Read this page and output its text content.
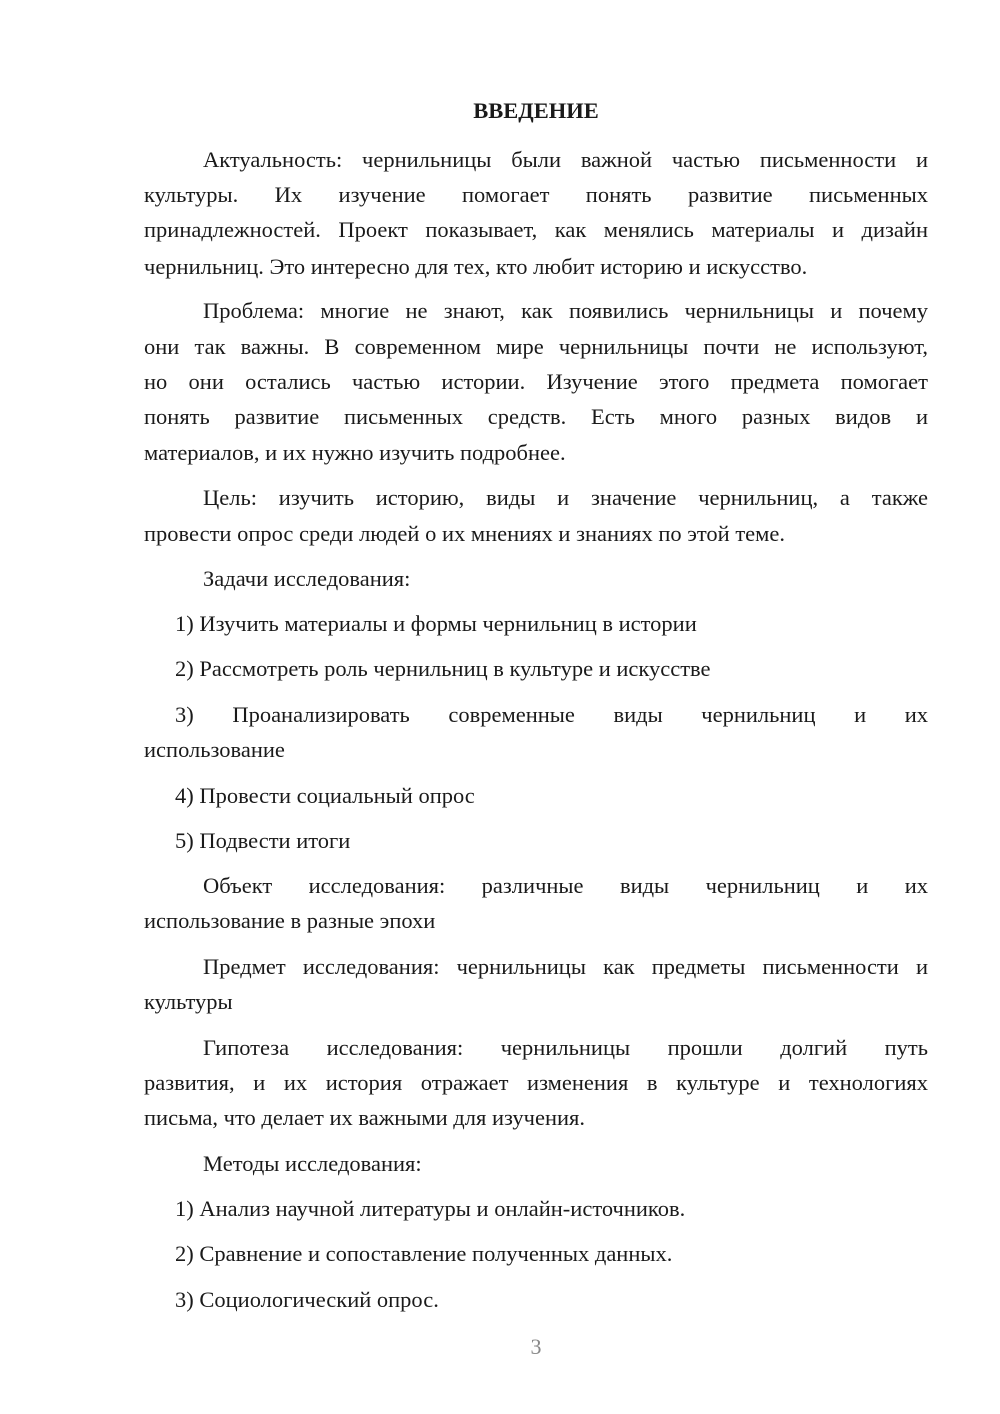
ВВЕДЕНИЕ
Актуальность: чернильницы были важной частью письменности и
культуры. Их изучение помогает понять развитие письменных
принадлежностей. Проект показывает, как менялись материалы и дизайн
чернильниц. Это интересно для тех, кто любит историю и искусство.
Проблема: многие не знают, как появились чернильницы и почему
они так важны. В современном мире чернильницы почти не используют,
но они остались частью истории. Изучение этого предмета помогает
понять развитие письменных средств. Есть много разных видов и
материалов, и их нужно изучить подробнее.
Цель: изучить историю, виды и значение чернильниц, а также
провести опрос среди людей о их мнениях и знаниях по этой теме.
Задачи исследования:
1) Изучить материалы и формы чернильниц в истории
2) Рассмотреть роль чернильниц в культуре и искусстве
3) Проанализировать современные виды чернильниц и их
использование
4) Провести социальный опрос
5) Подвести итоги
Объект исследования: различные виды чернильниц и их
использование в разные эпохи
Предмет исследования: чернильницы как предметы письменности и
культуры
Гипотеза исследования: чернильницы прошли долгий путь
развития, и их история отражает изменения в культуре и технологиях
письма, что делает их важными для изучения.
Методы исследования:
1) Анализ научной литературы и онлайн-источников.
2) Сравнение и сопоставление полученных данных.
3) Социологический опрос.
3
